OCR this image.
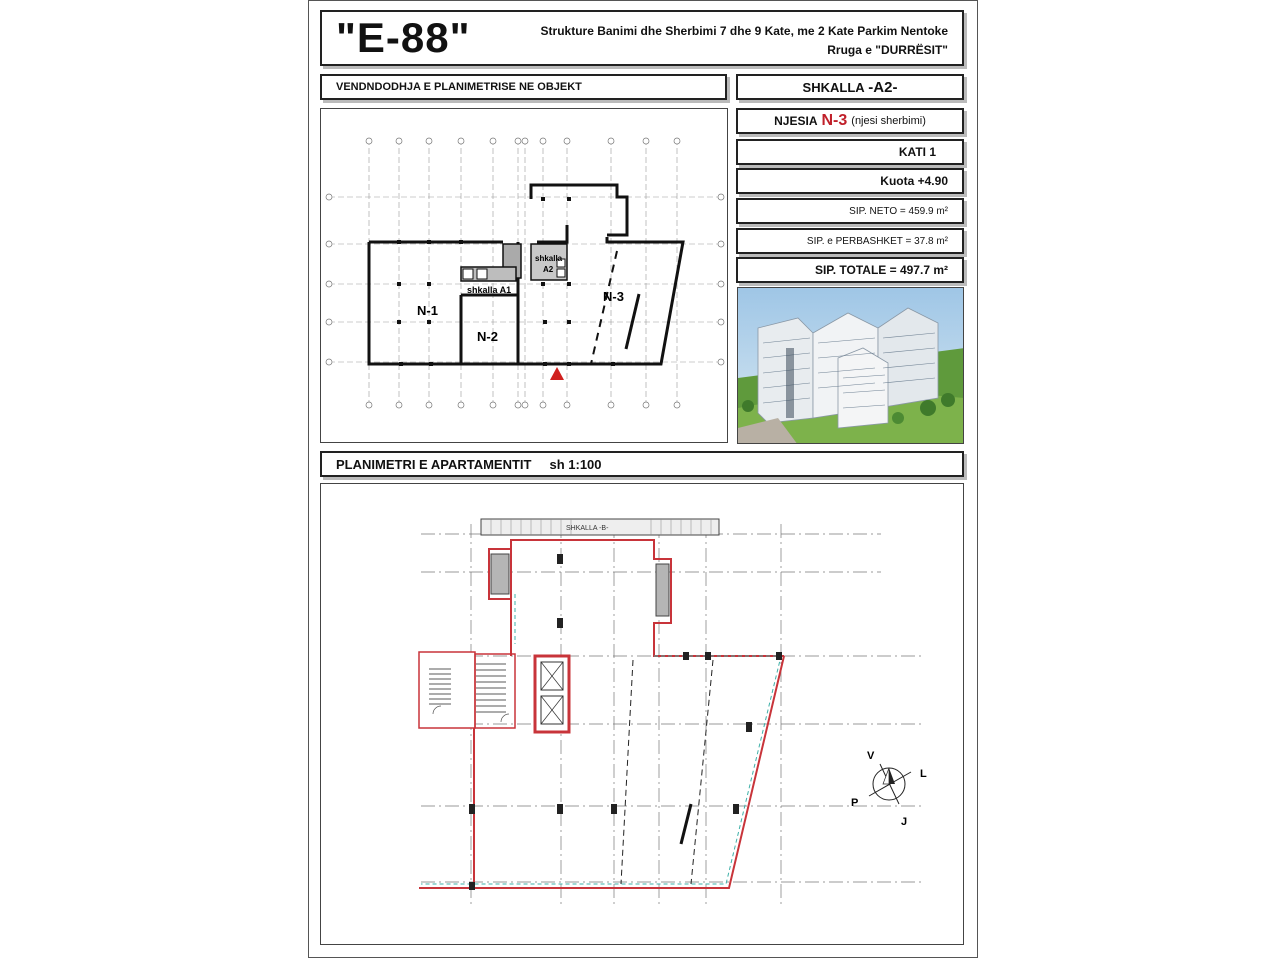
"E-88"	Strukture Banimi dhe Sherbimi 7 dhe 9 Kate, me 2 Kate Parkim Nentoke
Rruga e "DURRËSIT"
VENDNDODHJA E PLANIMETRISE NE OBJEKT	SHKALLA
-A2-
NJESIA N-3 (njesi sherbimi)
KATI 1
Kuota +4.90
SIP. NETO = 459.9 m²
SIP. e PERBASHKET = 37.8 m²
SIP. TOTALE = 497.7 m²
shkalla A1
shkalla
A2
N-1
N-2
N-3
PLANIMETRI E APARTAMENTIT sh 1:100
SHKALLA -B-
V
L
J
P
